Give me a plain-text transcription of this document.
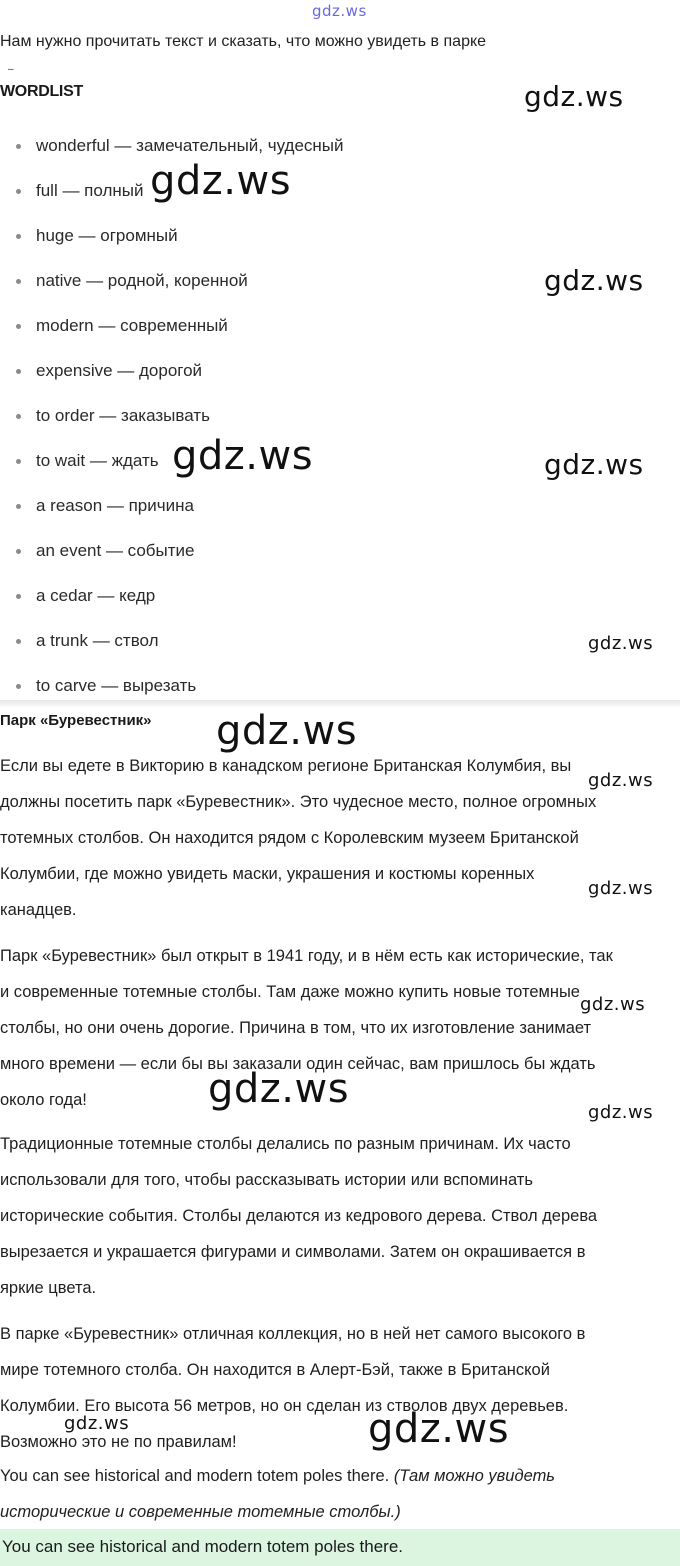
gdz.ws
Нам нужно прочитать текст и сказать, что можно увидеть в парке
–
WORDLIST
wonderful — замечательный, чудесный
full — полный
huge — огромный
native — родной, коренной
modern — современный
expensive — дорогой
to order — заказывать
to wait — ждать
a reason — причина
an event — событие
a cedar — кедр
a trunk — ствол
to carve — вырезать
Парк «Буревестник»
Если вы едете в Викторию в канадском регионе Британская Колумбия, вы
должны посетить парк «Буревестник». Это чудесное место, полное огромных
тотемных столбов. Он находится рядом с Королевским музеем Британской
Колумбии, где можно увидеть маски, украшения и костюмы коренных
канадцев.
Парк «Буревестник» был открыт в 1941 году, и в нём есть как исторические, так
и современные тотемные столбы. Там даже можно купить новые тотемные
столбы, но они очень дорогие. Причина в том, что их изготовление занимает
много времени — если бы вы заказали один сейчас, вам пришлось бы ждать
около года!
Традиционные тотемные столбы делались по разным причинам. Их часто
использовали для того, чтобы рассказывать истории или вспоминать
исторические события. Столбы делаются из кедрового дерева. Ствол дерева
вырезается и украшается фигурами и символами. Затем он окрашивается в
яркие цвета.
В парке «Буревестник» отличная коллекция, но в ней нет самого высокого в
мире тотемного столба. Он находится в Алерт-Бэй, также в Британской
Колумбии. Его высота 56 метров, но он сделан из стволов двух деревьев.
Возможно это не по правилам!
You can see historical and modern totem poles there. (Там можно увидеть
исторические и современные тотемные столбы.)
You can see historical and modern totem poles there.
gdz.ws
gdz.ws
gdz.ws
gdz.ws	gdz.ws
gdz.ws
gdz.ws
gdz.ws
gdz.ws
gdz.ws
gdz.ws
gdz.ws
gdz.ws	gdz.ws
